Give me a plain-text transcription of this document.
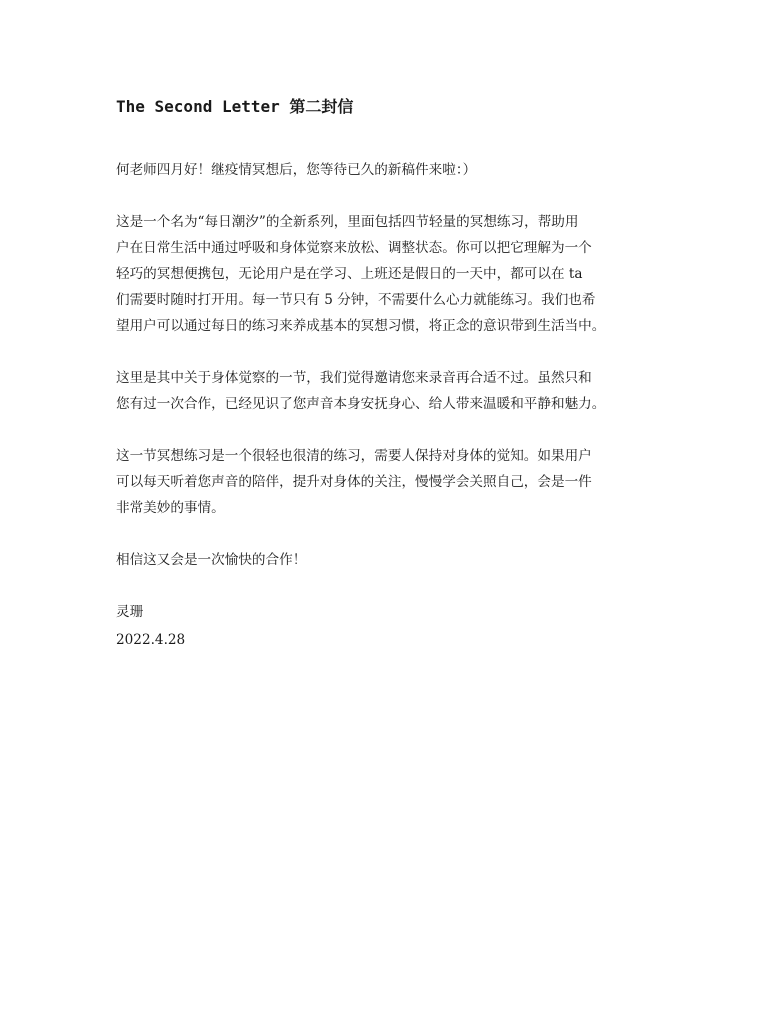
The Second Letter 第二封信

何老师四月好！继疫情冥想后，您等待已久的新稿件来啦：）

这是一个名为“每日潮汐”的全新系列，里面包括四节轻量的冥想练习，帮助用
户在日常生活中通过呼吸和身体觉察来放松、调整状态。你可以把它理解为一个
轻巧的冥想便携包，无论用户是在学习、上班还是假日的一天中，都可以在 ta
们需要时随时打开用。每一节只有 5 分钟，不需要什么心力就能练习。我们也希
望用户可以通过每日的练习来养成基本的冥想习惯，将正念的意识带到生活当中。

这里是其中关于身体觉察的一节，我们觉得邀请您来录音再合适不过。虽然只和
您有过一次合作，已经见识了您声音本身安抚身心、给人带来温暖和平静和魅力。

这一节冥想练习是一个很轻也很清的练习，需要人保持对身体的觉知。如果用户
可以每天听着您声音的陪伴，提升对身体的关注，慢慢学会关照自己，会是一件
非常美妙的事情。

相信这又会是一次愉快的合作！

灵珊
2022.4.28
